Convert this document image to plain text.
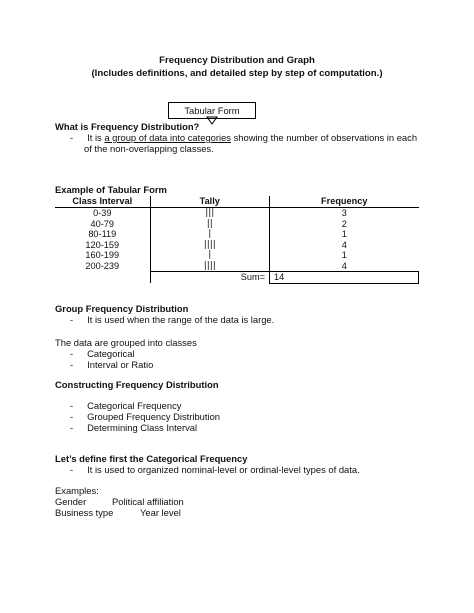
Frequency Distribution and Graph
(Includes definitions, and detailed step by step of computation.)
Tabular Form
What is Frequency Distribution?
- It is a group of data into categories showing the number of observations in each
of the non-overlapping classes.
Example of Tabular Form
Class Interval	Tally	Frequency
0-39	|||	3
40-79	||	2
80-119	|	1
120-159	||||	4
160-199	|	1
200-239	||||	4
	Sum=	14
Group Frequency Distribution
- It is used when the range of the data is large.
The data are grouped into classes
- Categorical
- Interval or Ratio
Constructing Frequency Distribution
- Categorical Frequency
- Grouped Frequency Distribution
- Determining Class Interval
Let’s define first the Categorical Frequency
- It is used to organized nominal-level or ordinal-level types of data.
Examples:
Gender	Political affiliation
Business type	Year level
